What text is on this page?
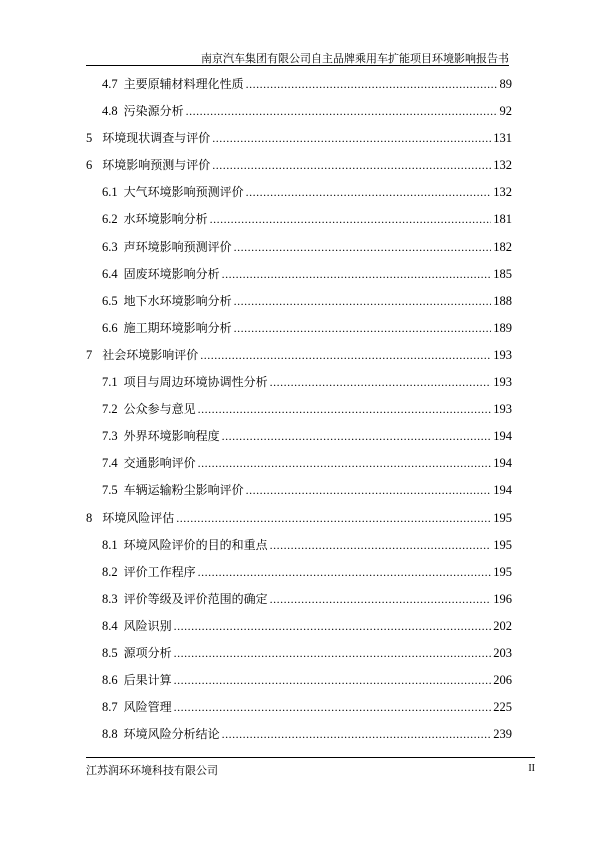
南京汽车集团有限公司自主品牌乘用车扩能项目环境影响报告书
4.7 主要原辅材料理化性质 .....	89
4.8 污染源分析 .....	92
5 环境现状调查与评价 .....	131
6 环境影响预测与评价 .....	132
6.1 大气环境影响预测评价 .....	132
6.2 水环境影响分析 .....	181
6.3 声环境影响预测评价 .....	182
6.4 固废环境影响分析 .....	185
6.5 地下水环境影响分析 .....	188
6.6 施工期环境影响分析 .....	189
7 社会环境影响评价 .....	193
7.1 项目与周边环境协调性分析 .....	193
7.2 公众参与意见 .....	193
7.3 外界环境影响程度 .....	194
7.4 交通影响评价 .....	194
7.5 车辆运输粉尘影响评价 .....	194
8 环境风险评估 .....	195
8.1 环境风险评价的目的和重点 .....	195
8.2 评价工作程序 .....	195
8.3 评价等级及评价范围的确定 .....	196
8.4 风险识别 .....	202
8.5 源项分析 .....	203
8.6 后果计算 .....	206
8.7 风险管理 .....	225
8.8 环境风险分析结论 .....	239
江苏润环环境科技有限公司	II
